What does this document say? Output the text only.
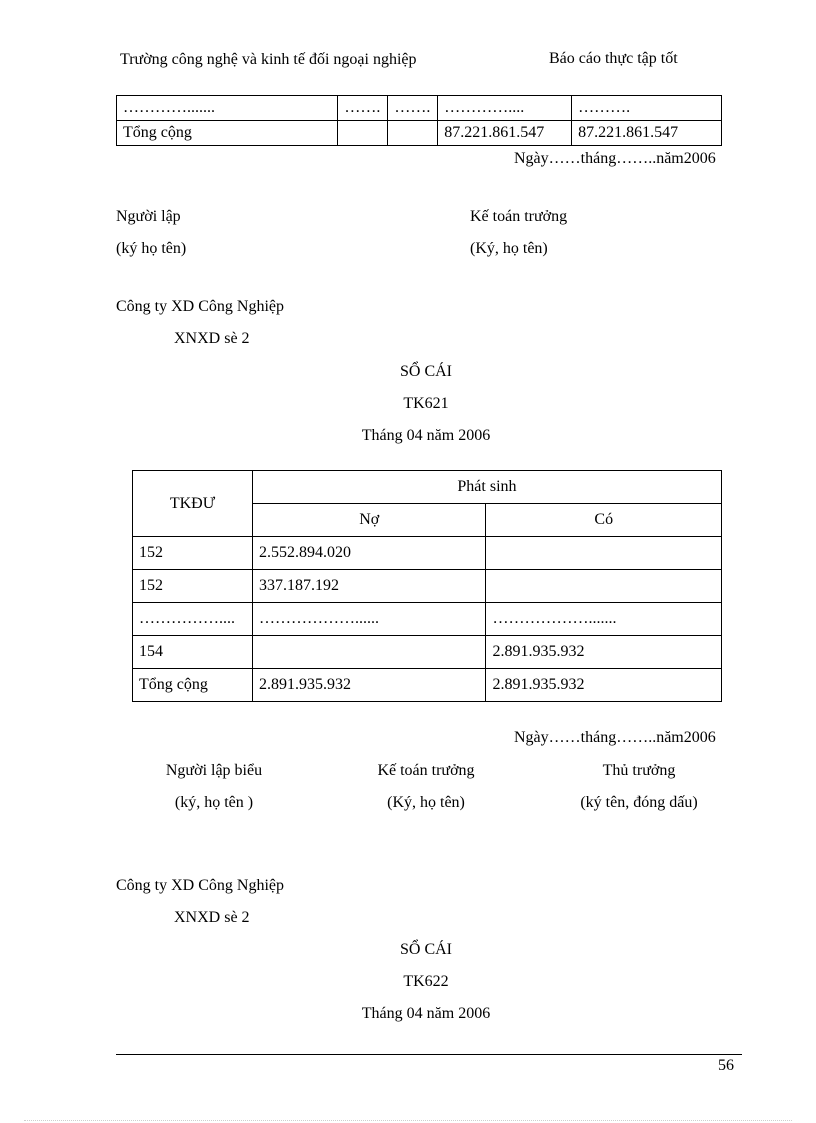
Trường công nghệ và kinh tế đối ngoại nghiệp	Báo cáo thực tập tốt
………….......	…….	…….	…………....	……….
Tổng cộng			87.221.861.547	87.221.861.547
Ngày……tháng……..năm2006
Người lập
(ký họ tên)
Kế toán trưởng
(Ký, họ tên)
Công ty XD Công Nghiệp
XNXD sè 2
SỔ CÁI
TK621
Tháng 04 năm 2006
TKĐƯ	Phát sinh	
	Nợ	Có
152	2.552.894.020	
152	337.187.192	
……………....	………………......	……………….......
154		2.891.935.932
Tổng cộng	2.891.935.932	2.891.935.932
Ngày……tháng……..năm2006
Người lập biểu
(ký, họ tên )
Kế toán trưởng
(Ký, họ tên)
Thủ trưởng
(ký tên, đóng dấu)
Công ty XD Công Nghiệp
XNXD sè 2
SỔ CÁI
TK622
Tháng 04 năm 2006
56
